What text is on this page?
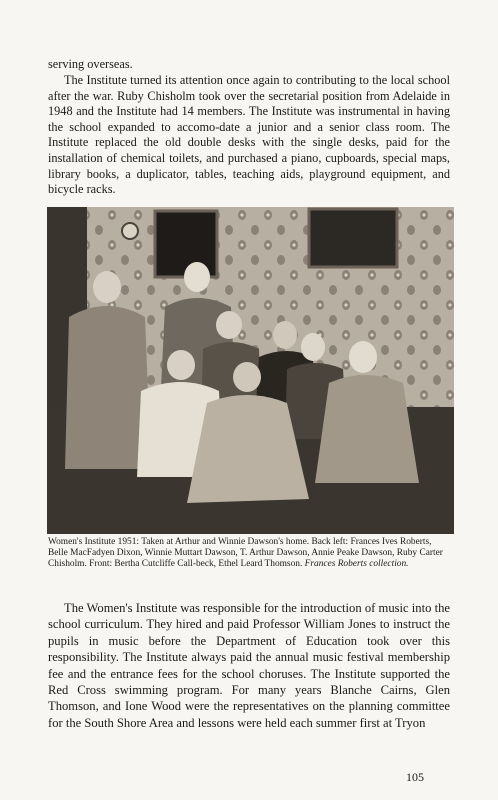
serving overseas.

The Institute turned its attention once again to contributing to the local school after the war. Ruby Chisholm took over the secretarial position from Adelaide in 1948 and the Institute had 14 members. The Institute was instrumental in having the school expanded to accomo-date a junior and a senior class room. The Institute replaced the old double desks with the single desks, paid for the installation of chemical toilets, and purchased a piano, cupboards, special maps, library books, a duplicator, tables, teaching aids, playground equipment, and bicycle racks.

Women's Institute 1951: Taken at Arthur and Winnie Dawson's home. Back left: Frances Ives Roberts, Belle MacFadyen Dixon, Winnie Muttart Dawson, T. Arthur Dawson, Annie Peake Dawson, Ruby Carter Chisholm. Front: Bertha Cutcliffe Call-beck, Ethel Leard Thomson. Frances Roberts collection.

The Women's Institute was responsible for the introduction of music into the school curriculum. They hired and paid Professor William Jones to instruct the pupils in music before the Department of Education took over this responsibility. The Institute always paid the annual music festival membership fee and the entrance fees for the school choruses. The Institute supported the Red Cross swimming program. For many years Blanche Cairns, Glen Thomson, and Ione Wood were the representatives on the planning committee for the South Shore Area and lessons were held each summer first at Tryon

105
